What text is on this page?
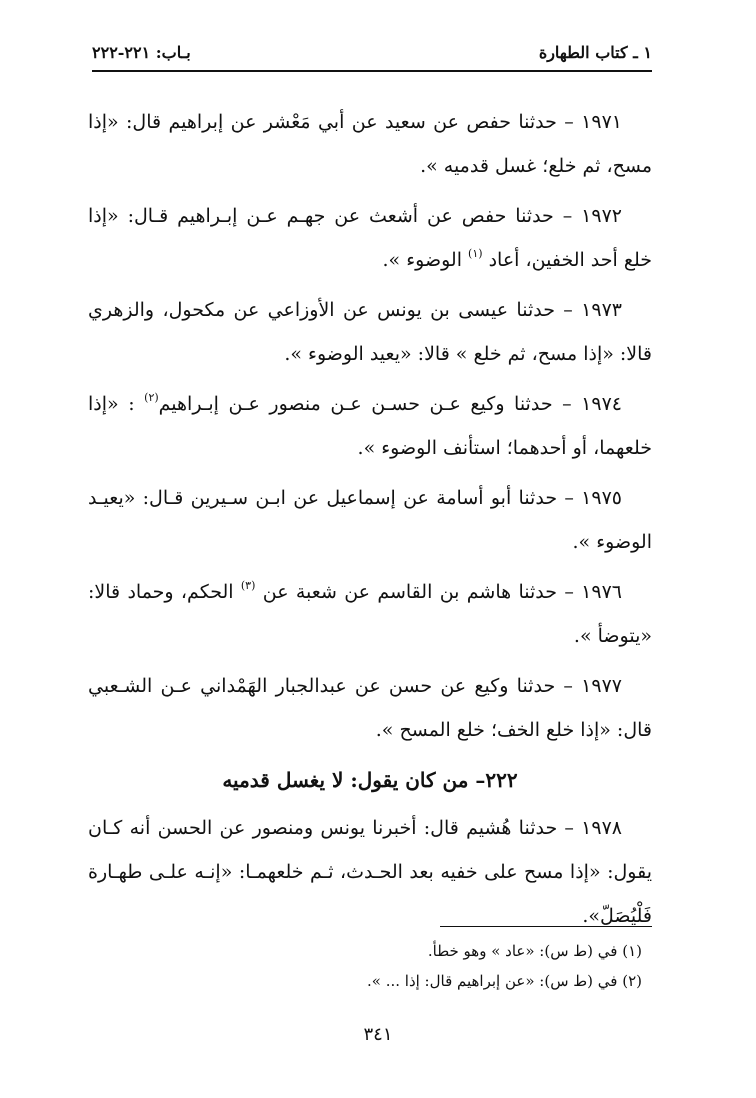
١ ـ كتاب الطهارة
بـاب: ٢٢١-٢٢٢

١٩٧١ – حدثنا حفص عن سعيد عن أبي مَعْشر عن إبراهيم قال: «إذا مسح، ثم خلع؛ غسل قدميه ».

١٩٧٢ – حدثنا حفص عن أشعث عن جهـم عـن إبـراهيم قـال: «إذا خلع أحد الخفين، أعاد $^{(١)}$ الوضوء ».

١٩٧٣ – حدثنا عيسى بن يونس عن الأوزاعي عن مكحول، والزهري قالا: «إذا مسح، ثم خلع » قالا: «يعيد الوضوء ».

١٩٧٤ – حدثنا وكيع عـن حسـن عـن منصور عـن إبـراهيم$^{(٢)}$ : «إذا خلعهما، أو أحدهما؛ استأنف الوضوء ».

١٩٧٥ – حدثنا أبو أسامة عن إسماعيل عن ابـن سـيرين قـال: «يعيـد الوضوء ».

١٩٧٦ – حدثنا هاشم بن القاسم عن شعبة عن $^{(٣)}$ الحكم، وحماد قالا: «يتوضأ ».

١٩٧٧ – حدثنا وكيع عن حسن عن عبدالجبار الهَمْداني عـن الشـعبي قال: «إذا خلع الخف؛ خلع المسح ».

٢٢٢– من كان يقول: لا يغسل قدميه

١٩٧٨ – حدثنا هُشيم قال: أخبرنا يونس ومنصور عن الحسن أنه كـان يقول: «إذا مسح على خفيه بعد الحـدث، ثـم خلعهمـا: «إنـه علـى طهـارة فَلْيُصَلّ».

(١) في (ط س): «عاد » وهو خطأ.

(٢) في (ط س): «عن إبراهيم قال: إذا ... ».

٣٤١
